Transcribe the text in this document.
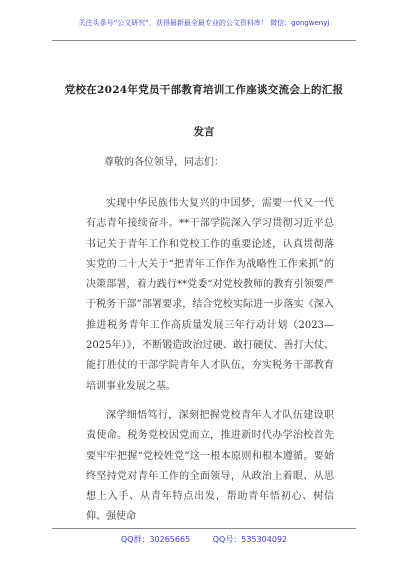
关注头条号“公文研究”，获得最新最全最专业的公文资料库！ 微信：gongwenyj
党校在2024年党员干部教育培训工作座谈交流会上的汇报
发言
尊敬的各位领导，同志们：
实现中华民族伟大复兴的中国梦，需要一代又一代有志青年接续奋斗。**干部学院深入学习贯彻习近平总书记关于青年工作和党校工作的重要论述，认真贯彻落实党的二十大关于“把青年工作作为战略性工作来抓”的决策部署，着力践行**党委“对党校教师的教育引领要严于税务干部”部署要求，结合党校实际进一步落实《深入推进税务青年工作高质量发展三年行动计划（2023—2025年）》，不断锻造政治过硬、敢打硬仗、善打大仗、能打胜仗的干部学院青年人才队伍，夯实税务干部教育培训事业发展之基。
深学细悟笃行，深刻把握党校青年人才队伍建设职责使命。税务党校因党而立，推进新时代办学治校首先要牢牢把握“党校姓党”这一根本原则和根本遵循。要始终坚持党对青年工作的全面领导，从政治上着眼、从思想上入手、从青年特点出发，帮助青年悟初心、树信仰、强使命
QQ群：30265665	QQ号：535304092
